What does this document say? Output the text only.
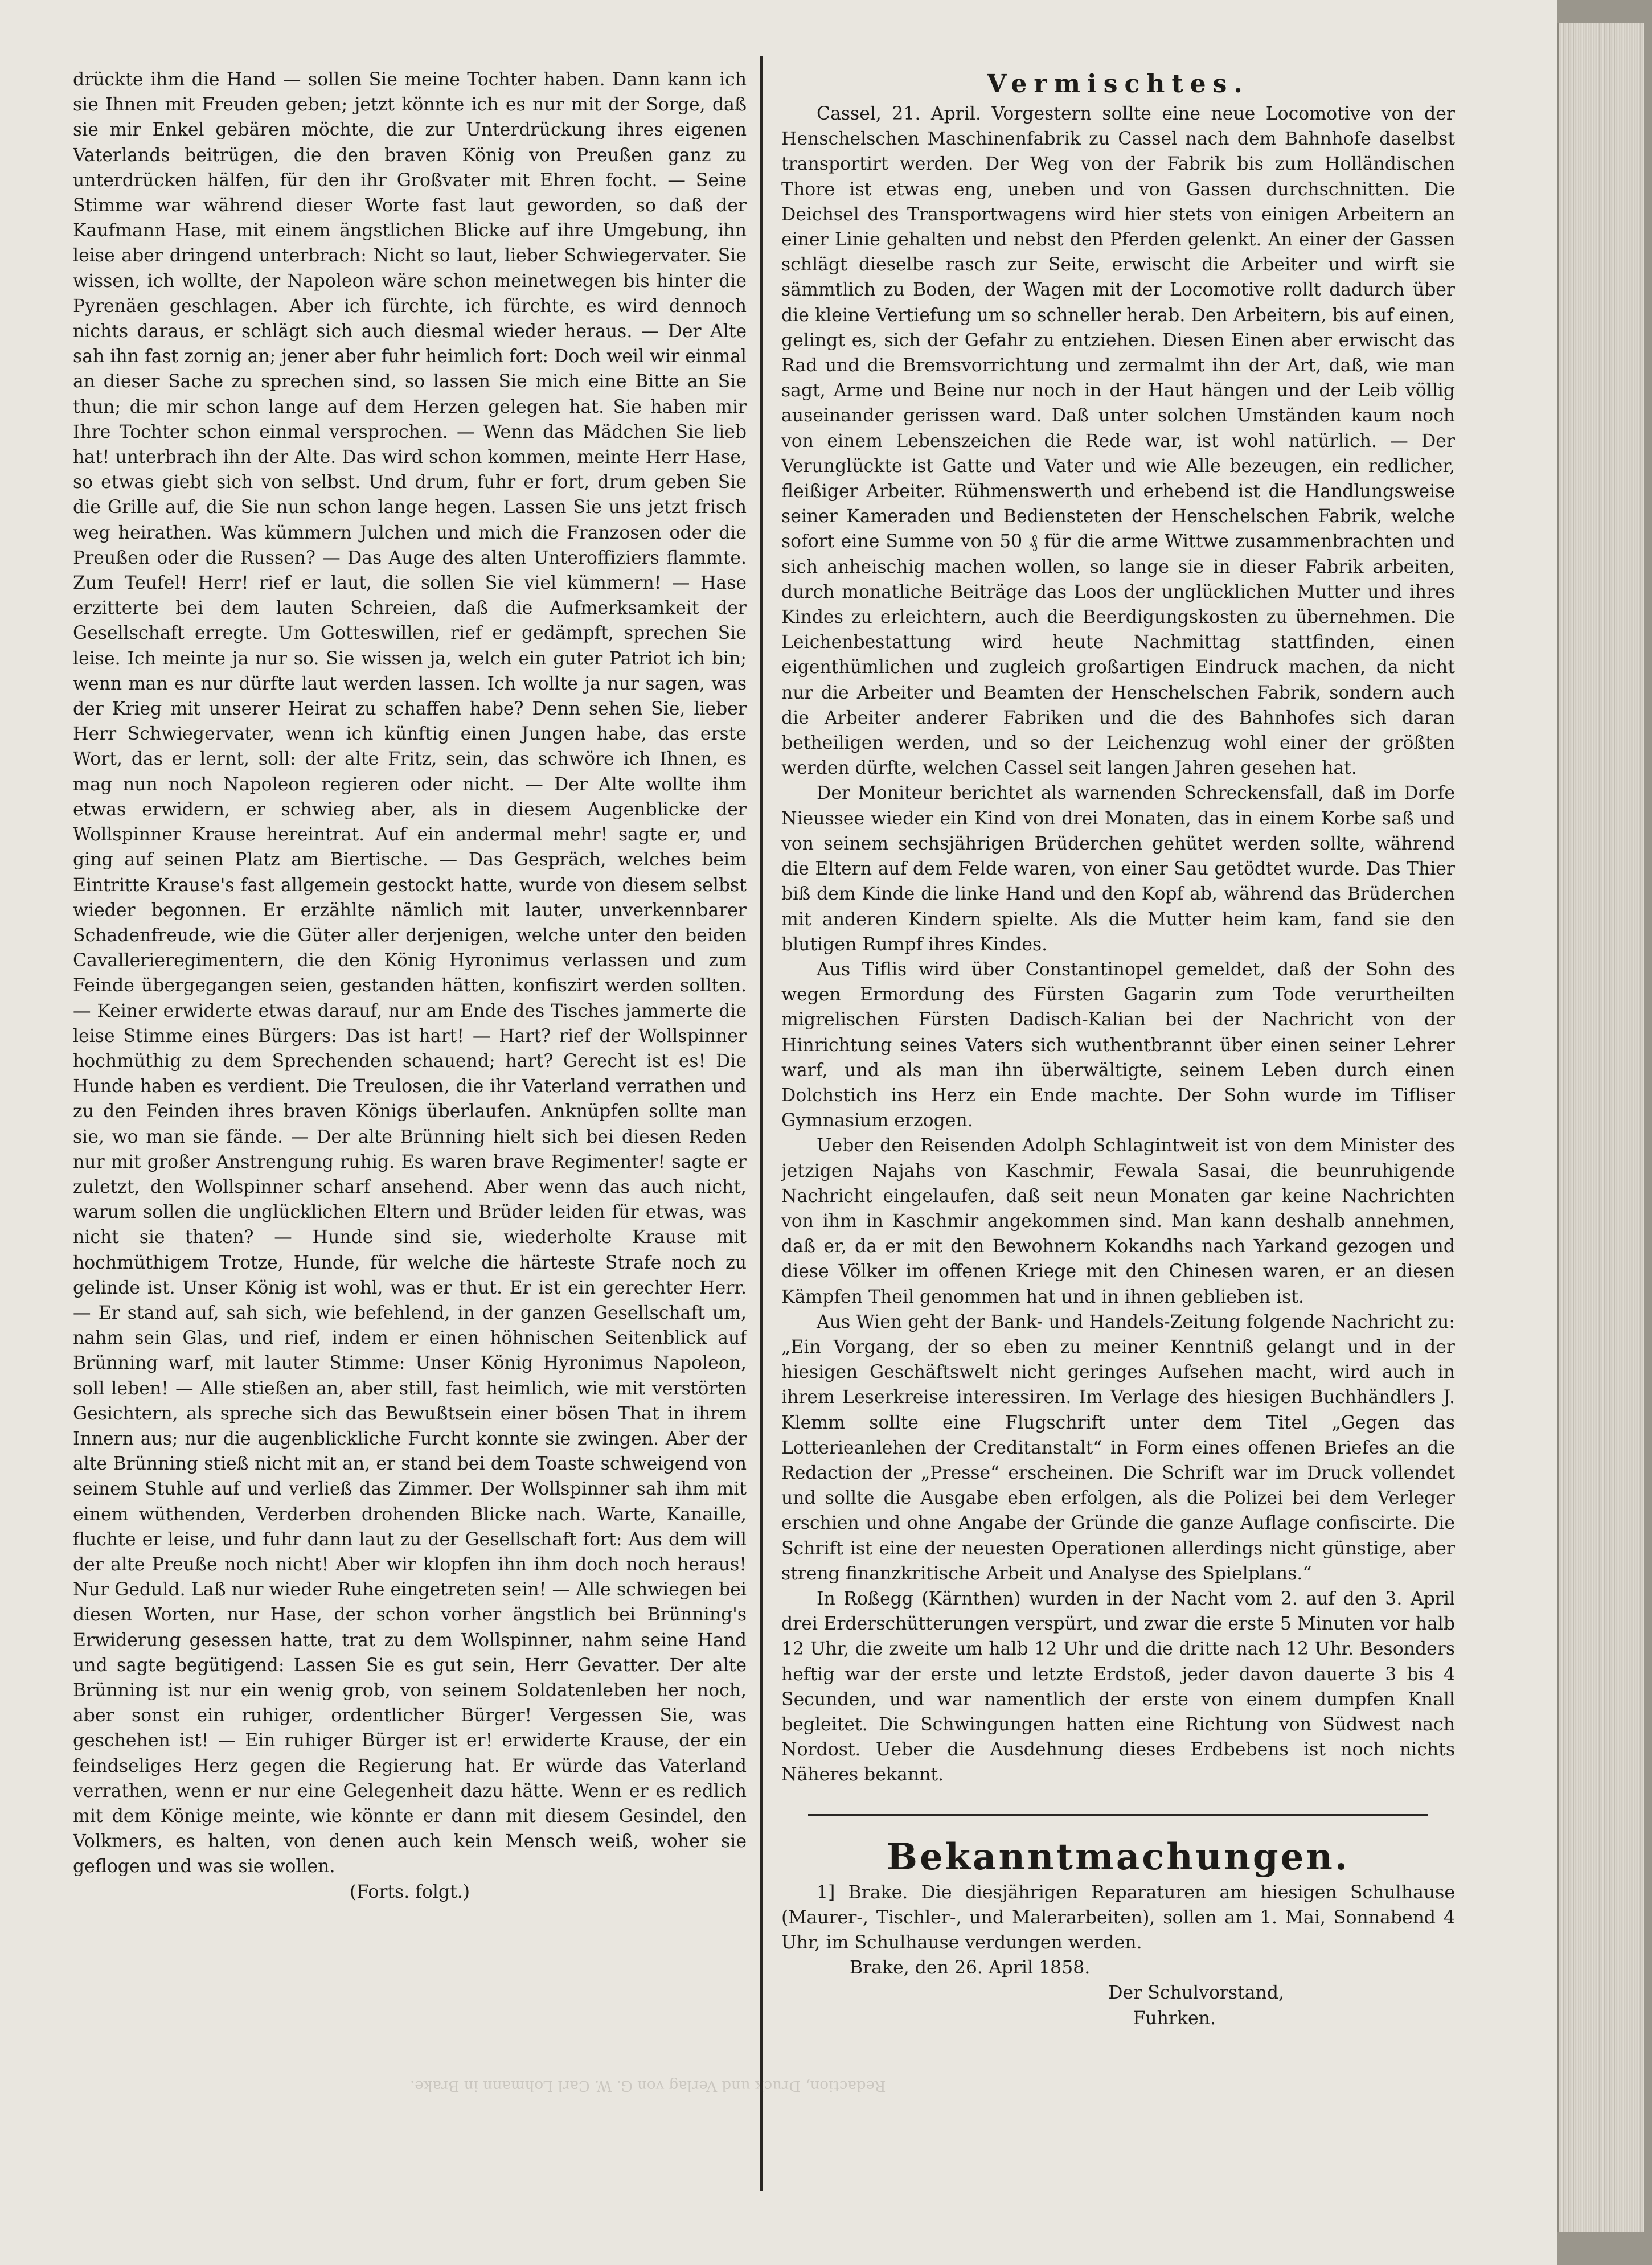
drückte ihm die Hand — sollen Sie meine Tochter haben. Dann kann ich sie Ihnen mit Freuden geben; jetzt könnte ich es nur mit der Sorge, daß sie mir Enkel gebären möchte, die zur Unterdrückung ihres eigenen Vaterlands beitrügen, die den braven König von Preußen ganz zu unterdrücken hälfen, für den ihr Großvater mit Ehren focht. — Seine Stimme war während dieser Worte fast laut geworden, so daß der Kaufmann Hase, mit einem ängstlichen Blicke auf ihre Umgebung, ihn leise aber dringend unterbrach: Nicht so laut, lieber Schwiegervater. Sie wissen, ich wollte, der Napoleon wäre schon meinetwegen bis hinter die Pyrenäen geschlagen. Aber ich fürchte, ich fürchte, es wird dennoch nichts daraus, er schlägt sich auch diesmal wieder heraus. — Der Alte sah ihn fast zornig an; jener aber fuhr heimlich fort: Doch weil wir einmal an dieser Sache zu sprechen sind, so lassen Sie mich eine Bitte an Sie thun; die mir schon lange auf dem Herzen gelegen hat. Sie haben mir Ihre Tochter schon einmal versprochen. — Wenn das Mädchen Sie lieb hat! unterbrach ihn der Alte. Das wird schon kommen, meinte Herr Hase, so etwas giebt sich von selbst. Und drum, fuhr er fort, drum geben Sie die Grille auf, die Sie nun schon lange hegen. Lassen Sie uns jetzt frisch weg heirathen. Was kümmern Julchen und mich die Franzosen oder die Preußen oder die Russen? — Das Auge des alten Unteroffiziers flammte. Zum Teufel! Herr! rief er laut, die sollen Sie viel kümmern! — Hase erzitterte bei dem lauten Schreien, daß die Aufmerksamkeit der Gesellschaft erregte. Um Gotteswillen, rief er gedämpft, sprechen Sie leise. Ich meinte ja nur so. Sie wissen ja, welch ein guter Patriot ich bin; wenn man es nur dürfte laut werden lassen. Ich wollte ja nur sagen, was der Krieg mit unserer Heirat zu schaffen habe? Denn sehen Sie, lieber Herr Schwiegervater, wenn ich künftig einen Jungen habe, das erste Wort, das er lernt, soll: der alte Fritz, sein, das schwöre ich Ihnen, es mag nun noch Napoleon regieren oder nicht. — Der Alte wollte ihm etwas erwidern, er schwieg aber, als in diesem Augenblicke der Wollspinner Krause hereintrat. Auf ein andermal mehr! sagte er, und ging auf seinen Platz am Biertische. — Das Gespräch, welches beim Eintritte Krause's fast allgemein gestockt hatte, wurde von diesem selbst wieder begonnen. Er erzählte nämlich mit lauter, unverkennbarer Schadenfreude, wie die Güter aller derjenigen, welche unter den beiden Cavallerieregimentern, die den König Hyronimus verlassen und zum Feinde übergegangen seien, gestanden hätten, konfiszirt werden sollten. — Keiner erwiderte etwas darauf, nur am Ende des Tisches jammerte die leise Stimme eines Bürgers: Das ist hart! — Hart? rief der Wollspinner hochmüthig zu dem Sprechenden schauend; hart? Gerecht ist es! Die Hunde haben es verdient. Die Treulosen, die ihr Vaterland verrathen und zu den Feinden ihres braven Königs überlaufen. Anknüpfen sollte man sie, wo man sie fände. — Der alte Brünning hielt sich bei diesen Reden nur mit großer Anstrengung ruhig. Es waren brave Regimenter! sagte er zuletzt, den Wollspinner scharf ansehend. Aber wenn das auch nicht, warum sollen die unglücklichen Eltern und Brüder leiden für etwas, was nicht sie thaten? — Hunde sind sie, wiederholte Krause mit hochmüthigem Trotze, Hunde, für welche die härteste Strafe noch zu gelinde ist. Unser König ist wohl, was er thut. Er ist ein gerechter Herr. — Er stand auf, sah sich, wie befehlend, in der ganzen Gesellschaft um, nahm sein Glas, und rief, indem er einen höhnischen Seitenblick auf Brünning warf, mit lauter Stimme: Unser König Hyronimus Napoleon, soll leben! — Alle stießen an, aber still, fast heimlich, wie mit verstörten Gesichtern, als spreche sich das Bewußtsein einer bösen That in ihrem Innern aus; nur die augenblickliche Furcht konnte sie zwingen. Aber der alte Brünning stieß nicht mit an, er stand bei dem Toaste schweigend von seinem Stuhle auf und verließ das Zimmer. Der Wollspinner sah ihm mit einem wüthenden, Verderben drohenden Blicke nach. Warte, Kanaille, fluchte er leise, und fuhr dann laut zu der Gesellschaft fort: Aus dem will der alte Preuße noch nicht! Aber wir klopfen ihn ihm doch noch heraus! Nur Geduld. Laß nur wieder Ruhe eingetreten sein! — Alle schwiegen bei diesen Worten, nur Hase, der schon vorher ängstlich bei Brünning's Erwiderung gesessen hatte, trat zu dem Wollspinner, nahm seine Hand und sagte begütigend: Lassen Sie es gut sein, Herr Gevatter. Der alte Brünning ist nur ein wenig grob, von seinem Soldatenleben her noch, aber sonst ein ruhiger, ordentlicher Bürger! Vergessen Sie, was geschehen ist! — Ein ruhiger Bürger ist er! erwiderte Krause, der ein feindseliges Herz gegen die Regierung hat. Er würde das Vaterland verrathen, wenn er nur eine Gelegenheit dazu hätte. Wenn er es redlich mit dem Könige meinte, wie könnte er dann mit diesem Gesindel, den Volkmers, es halten, von denen auch kein Mensch weiß, woher sie geflogen und was sie wollen.

(Forts. folgt.)

Vermischtes.

Cassel, 21. April. Vorgestern sollte eine neue Locomotive von der Henschelschen Maschinenfabrik zu Cassel nach dem Bahnhofe daselbst transportirt werden. Der Weg von der Fabrik bis zum Holländischen Thore ist etwas eng, uneben und von Gassen durchschnitten. Die Deichsel des Transportwagens wird hier stets von einigen Arbeitern an einer Linie gehalten und nebst den Pferden gelenkt. An einer der Gassen schlägt dieselbe rasch zur Seite, erwischt die Arbeiter und wirft sie sämmtlich zu Boden, der Wagen mit der Locomotive rollt dadurch über die kleine Vertiefung um so schneller herab. Den Arbeitern, bis auf einen, gelingt es, sich der Gefahr zu entziehen. Diesen Einen aber erwischt das Rad und die Bremsvorrichtung und zermalmt ihn der Art, daß, wie man sagt, Arme und Beine nur noch in der Haut hängen und der Leib völlig auseinander gerissen ward. Daß unter solchen Umständen kaum noch von einem Lebenszeichen die Rede war, ist wohl natürlich. — Der Verunglückte ist Gatte und Vater und wie Alle bezeugen, ein redlicher, fleißiger Arbeiter. Rühmenswerth und erhebend ist die Handlungsweise seiner Kameraden und Bediensteten der Henschelschen Fabrik, welche sofort eine Summe von 50 ₰ für die arme Wittwe zusammenbrachten und sich anheischig machen wollen, so lange sie in dieser Fabrik arbeiten, durch monatliche Beiträge das Loos der unglücklichen Mutter und ihres Kindes zu erleichtern, auch die Beerdigungskosten zu übernehmen. Die Leichenbestattung wird heute Nachmittag stattfinden, einen eigenthümlichen und zugleich großartigen Eindruck machen, da nicht nur die Arbeiter und Beamten der Henschelschen Fabrik, sondern auch die Arbeiter anderer Fabriken und die des Bahnhofes sich daran betheiligen werden, und so der Leichenzug wohl einer der größten werden dürfte, welchen Cassel seit langen Jahren gesehen hat.

Der Moniteur berichtet als warnenden Schreckensfall, daß im Dorfe Nieussee wieder ein Kind von drei Monaten, das in einem Korbe saß und von seinem sechsjährigen Brüderchen gehütet werden sollte, während die Eltern auf dem Felde waren, von einer Sau getödtet wurde. Das Thier biß dem Kinde die linke Hand und den Kopf ab, während das Brüderchen mit anderen Kindern spielte. Als die Mutter heim kam, fand sie den blutigen Rumpf ihres Kindes.

Aus Tiflis wird über Constantinopel gemeldet, daß der Sohn des wegen Ermordung des Fürsten Gagarin zum Tode verurtheilten migrelischen Fürsten Dadisch-Kalian bei der Nachricht von der Hinrichtung seines Vaters sich wuthentbrannt über einen seiner Lehrer warf, und als man ihn überwältigte, seinem Leben durch einen Dolchstich ins Herz ein Ende machte. Der Sohn wurde im Tifliser Gymnasium erzogen.

Ueber den Reisenden Adolph Schlagintweit ist von dem Minister des jetzigen Najahs von Kaschmir, Fewala Sasai, die beunruhigende Nachricht eingelaufen, daß seit neun Monaten gar keine Nachrichten von ihm in Kaschmir angekommen sind. Man kann deshalb annehmen, daß er, da er mit den Bewohnern Kokandhs nach Yarkand gezogen und diese Völker im offenen Kriege mit den Chinesen waren, er an diesen Kämpfen Theil genommen hat und in ihnen geblieben ist.

Aus Wien geht der Bank- und Handels-Zeitung folgende Nachricht zu: „Ein Vorgang, der so eben zu meiner Kenntniß gelangt und in der hiesigen Geschäftswelt nicht geringes Aufsehen macht, wird auch in ihrem Leserkreise interessiren. Im Verlage des hiesigen Buchhändlers J. Klemm sollte eine Flugschrift unter dem Titel „Gegen das Lotterieanlehen der Creditanstalt“ in Form eines offenen Briefes an die Redaction der „Presse“ erscheinen. Die Schrift war im Druck vollendet und sollte die Ausgabe eben erfolgen, als die Polizei bei dem Verleger erschien und ohne Angabe der Gründe die ganze Auflage confiscirte. Die Schrift ist eine der neuesten Operationen allerdings nicht günstige, aber streng finanzkritische Arbeit und Analyse des Spielplans.“

In Roßegg (Kärnthen) wurden in der Nacht vom 2. auf den 3. April drei Erderschütterungen verspürt, und zwar die erste 5 Minuten vor halb 12 Uhr, die zweite um halb 12 Uhr und die dritte nach 12 Uhr. Besonders heftig war der erste und letzte Erdstoß, jeder davon dauerte 3 bis 4 Secunden, und war namentlich der erste von einem dumpfen Knall begleitet. Die Schwingungen hatten eine Richtung von Südwest nach Nordost. Ueber die Ausdehnung dieses Erdbebens ist noch nichts Näheres bekannt.

Bekanntmachungen.

1] Brake. Die diesjährigen Reparaturen am hiesigen Schulhause (Maurer-, Tischler-, und Malerarbeiten), sollen am 1. Mai, Sonnabend 4 Uhr, im Schulhause verdungen werden.

Brake, den 26. April 1858.

Der Schulvorstand,

Fuhrken.

Redaction, Druck und Verlag von G. W. Carl Lohmann in Brake.
